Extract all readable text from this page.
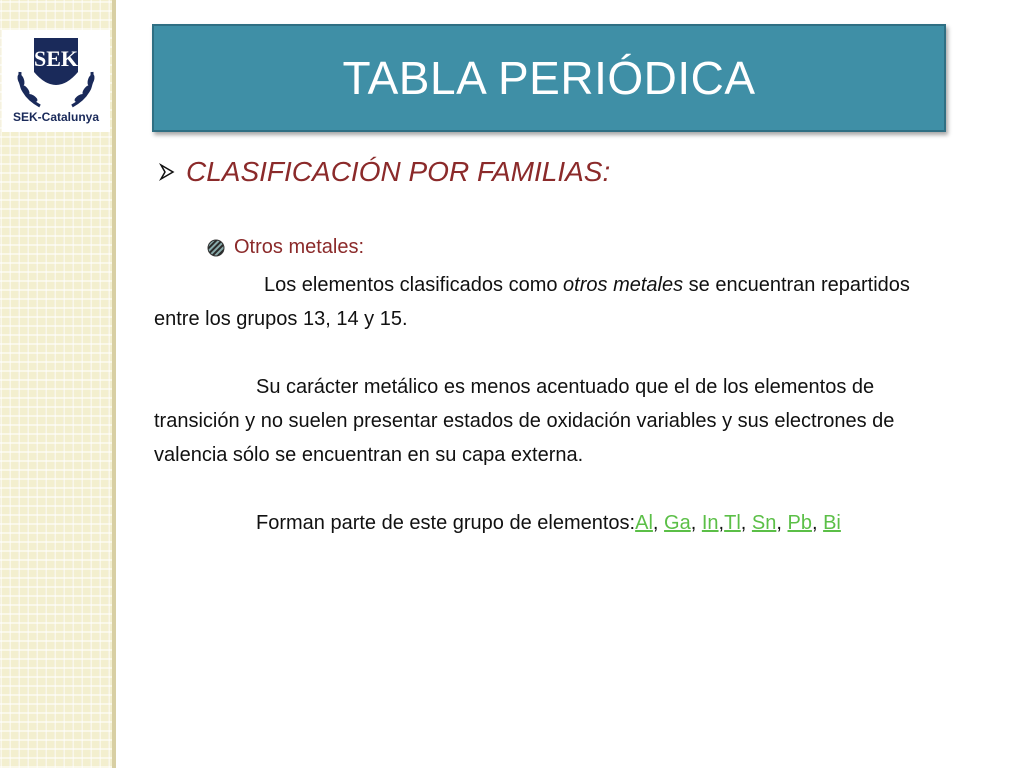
SEK
SEK-Catalunya
TABLA PERIÓDICA
CLASIFICACIÓN POR FAMILIAS:
Otros metales:

Los elementos clasificados como otros metales se encuentran repartidos entre los grupos 13, 14 y 15.

Su carácter metálico es menos acentuado que el de los elementos de transición y no suelen presentar estados de oxidación variables y sus electrones de valencia sólo se encuentran en su capa externa.

Forman parte de este grupo de elementos:Al, Ga, In,Tl, Sn, Pb, Bi
